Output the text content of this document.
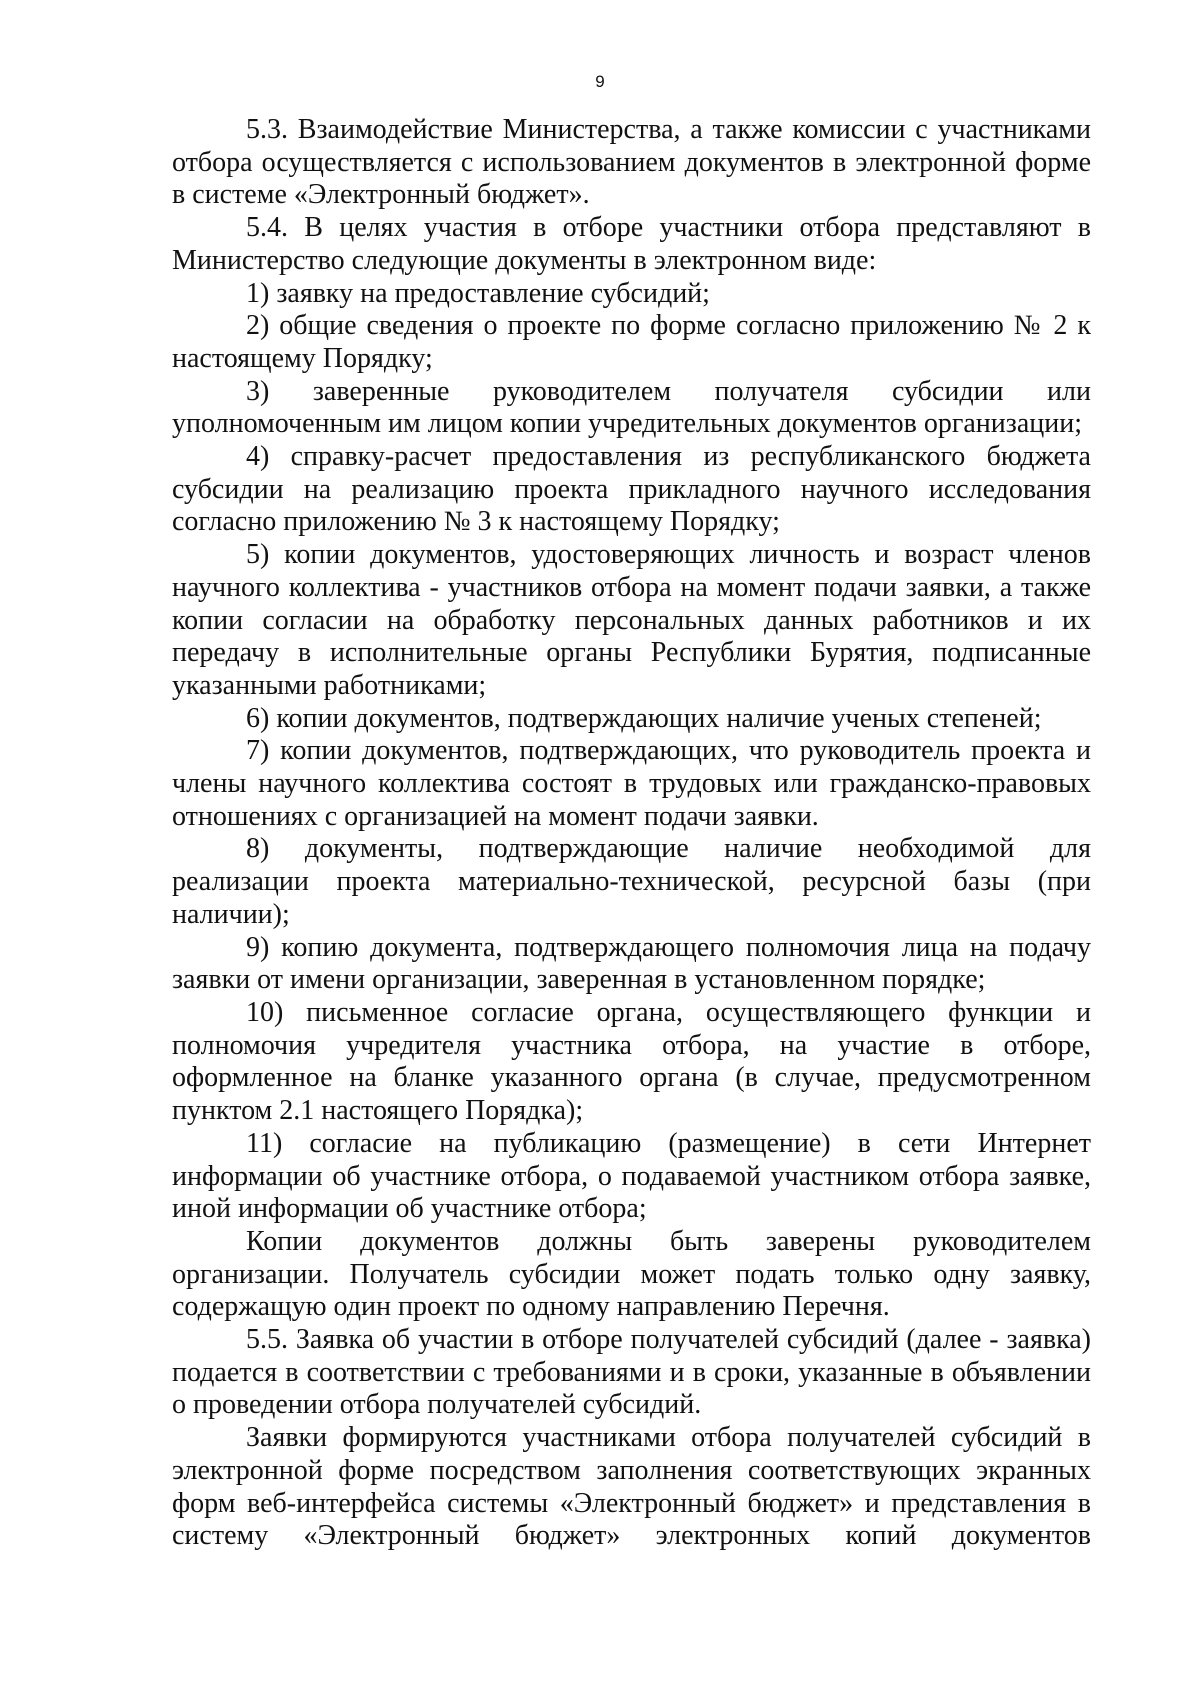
9

5.3. Взаимодействие Министерства, а также комиссии с участниками отбора осуществляется с использованием документов в электронной форме в системе «Электронный бюджет».

5.4. В целях участия в отборе участники отбора представляют в Министерство следующие документы в электронном виде:

1) заявку на предоставление субсидий;

2) общие сведения о проекте по форме согласно приложению № 2 к настоящему Порядку;

3) заверенные руководителем получателя субсидии или уполномоченным им лицом копии учредительных документов организации;

4) справку-расчет предоставления из республиканского бюджета субсидии на реализацию проекта прикладного научного исследования согласно приложению № 3 к настоящему Порядку;

5) копии документов, удостоверяющих личность и возраст членов научного коллектива - участников отбора на момент подачи заявки, а также копии согласии на обработку персональных данных работников и их передачу в исполнительные органы Республики Бурятия, подписанные указанными работниками;

6) копии документов, подтверждающих наличие ученых степеней;

7) копии документов, подтверждающих, что руководитель проекта и члены научного коллектива состоят в трудовых или гражданско-правовых отношениях с организацией на момент подачи заявки.

8) документы, подтверждающие наличие необходимой для реализации проекта материально-технической, ресурсной базы (при наличии);

9) копию документа, подтверждающего полномочия лица на подачу заявки от имени организации, заверенная в установленном порядке;

10) письменное согласие органа, осуществляющего функции и полномочия учредителя участника отбора, на участие в отборе, оформленное на бланке указанного органа (в случае, предусмотренном пунктом 2.1 настоящего Порядка);

11) согласие на публикацию (размещение) в сети Интернет информации об участнике отбора, о подаваемой участником отбора заявке, иной информации об участнике отбора;

Копии документов должны быть заверены руководителем организации. Получатель субсидии может подать только одну заявку, содержащую один проект по одному направлению Перечня.

5.5. Заявка об участии в отборе получателей субсидий (далее - заявка) подается в соответствии с требованиями и в сроки, указанные в объявлении о проведении отбора получателей субсидий.

Заявки формируются участниками отбора получателей субсидий в электронной форме посредством заполнения соответствующих экранных форм веб-интерфейса системы «Электронный бюджет» и представления в систему «Электронный бюджет» электронных копий документов
